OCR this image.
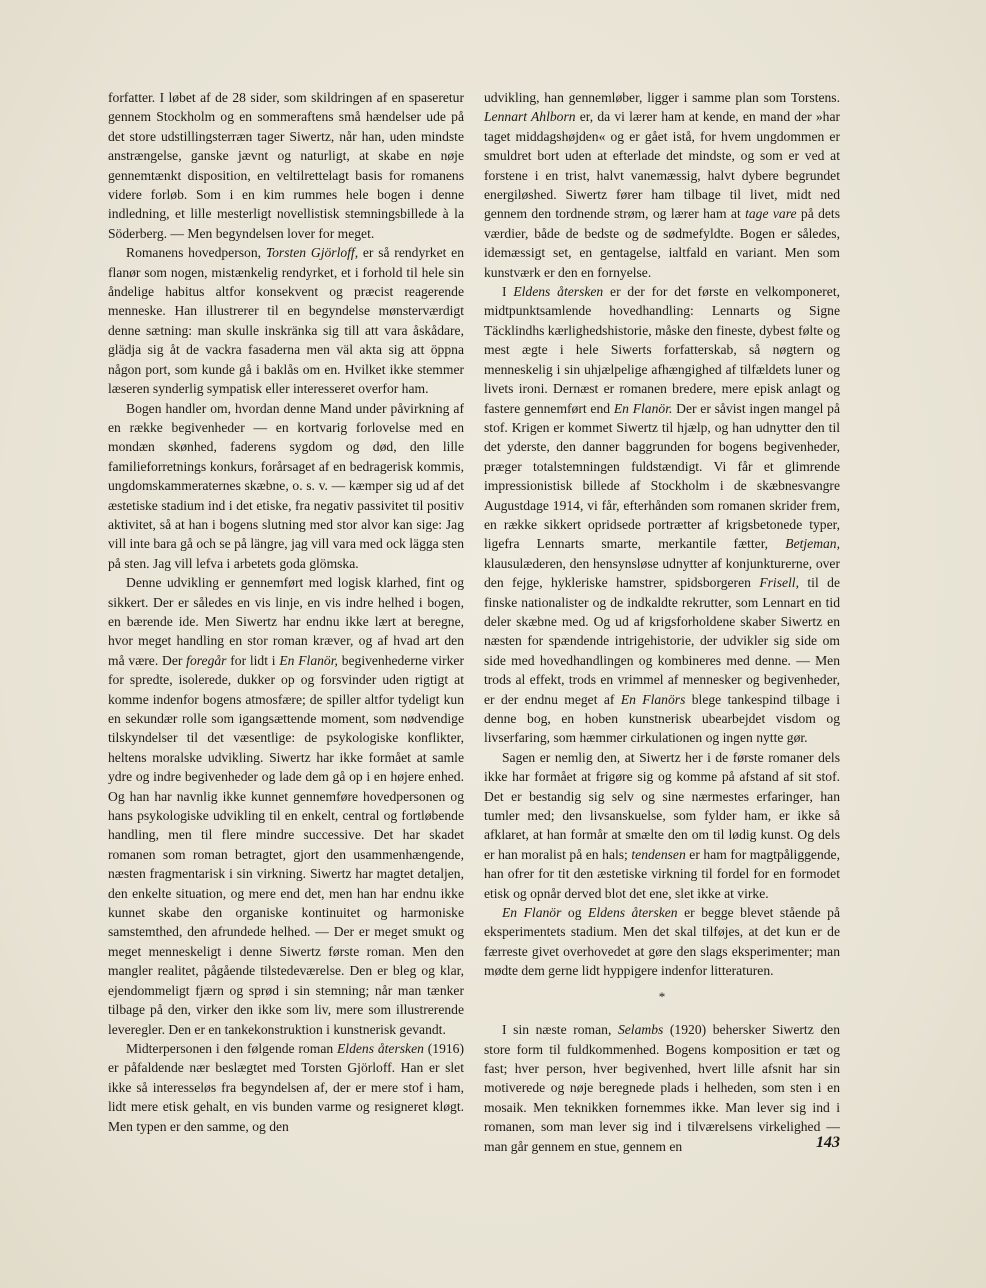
forfatter. I løbet af de 28 sider, som skildringen af en spaseretur gennem Stockholm og en sommeraftens små hændelser ude på det store udstillingsterræn tager Siwertz, når han, uden mindste anstrængelse, ganske jævnt og naturligt, at skabe en nøje gennemtænkt disposition, en veltilrettelagt basis for romanens videre forløb. Som i en kim rummes hele bogen i denne indledning, et lille mesterligt novellistisk stemningsbillede à la Söderberg. — Men begyndelsen lover for meget.

Romanens hovedperson, Torsten Gjörloff, er så rendyrket en flanør som nogen, mistænkelig rendyrket, et i forhold til hele sin åndelige habitus altfor konsekvent og præcist reagerende menneske. Han illustrerer til en begyndelse mønsterværdigt denne sætning: man skulle inskränka sig till att vara åskådare, glädja sig åt de vackra fasaderna men väl akta sig att öppna någon port, som kunde gå i baklås om en. Hvilket ikke stemmer læseren synderlig sympatisk eller interesseret overfor ham.

Bogen handler om, hvordan denne Mand under påvirkning af en række begivenheder — en kortvarig forlovelse med en mondæn skønhed, faderens sygdom og død, den lille familieforretnings konkurs, forårsaget af en bedragerisk kommis, ungdomskammeraternes skæbne, o. s. v. — kæmper sig ud af det æstetiske stadium ind i det etiske, fra negativ passivitet til positiv aktivitet, så at han i bogens slutning med stor alvor kan sige: Jag vill inte bara gå och se på längre, jag vill vara med ock lägga sten på sten. Jag vill lefva i arbetets goda glömska.

Denne udvikling er gennemført med logisk klarhed, fint og sikkert. Der er således en vis linje, en vis indre helhed i bogen, en bærende ide. Men Siwertz har endnu ikke lært at beregne, hvor meget handling en stor roman kræver, og af hvad art den må være. Der foregår for lidt i En Flanör, begivenhederne virker for spredte, isolerede, dukker op og forsvinder uden rigtigt at komme indenfor bogens atmosfære; de spiller altfor tydeligt kun en sekundær rolle som igangsættende moment, som nødvendige tilskyndelser til det væsentlige: de psykologiske konflikter, heltens moralske udvikling. Siwertz har ikke formået at samle ydre og indre begivenheder og lade dem gå op i en højere enhed. Og han har navnlig ikke kunnet gennemføre hovedpersonen og hans psykologiske udvikling til en enkelt, central og fortløbende handling, men til flere mindre successive. Det har skadet romanen som roman betragtet, gjort den usammenhængende, næsten fragmentarisk i sin virkning. Siwertz har magtet detaljen, den enkelte situation, og mere end det, men han har endnu ikke kunnet skabe den organiske kontinuitet og harmoniske samstemthed, den afrundede helhed. — Der er meget smukt og meget menneskeligt i denne Siwertz første roman. Men den mangler realitet, pågående tilstedeværelse. Den er bleg og klar, ejendommeligt fjærn og sprød i sin stemning; når man tænker tilbage på den, virker den ikke som liv, mere som illustrerende leveregler. Den er en tankekonstruktion i kunstnerisk gevandt.

Midterpersonen i den følgende roman Eldens återsken (1916) er påfaldende nær beslægtet med Torsten Gjörloff. Han er slet ikke så interesseløs fra begyndelsen af, der er mere stof i ham, lidt mere etisk gehalt, en vis bunden varme og resigneret kløgt. Men typen er den samme, og den

udvikling, han gennemløber, ligger i samme plan som Torstens. Lennart Ahlborn er, da vi lærer ham at kende, en mand der »har taget middagshøjden« og er gået istå, for hvem ungdommen er smuldret bort uden at efterlade det mindste, og som er ved at forstene i en trist, halvt vanemæssig, halvt dybere begrundet energiløshed. Siwertz fører ham tilbage til livet, midt ned gennem den tordnende strøm, og lærer ham at tage vare på dets værdier, både de bedste og de sødmefyldte. Bogen er således, idemæssigt set, en gentagelse, ialtfald en variant. Men som kunstværk er den en fornyelse.

I Eldens återsken er der for det første en velkomponeret, midtpunktsamlende hovedhandling: Lennarts og Signe Täcklindhs kærlighedshistorie, måske den fineste, dybest følte og mest ægte i hele Siwerts forfatterskab, så nøgtern og menneskelig i sin uhjælpelige afhængighed af tilfældets luner og livets ironi. Dernæst er romanen bredere, mere episk anlagt og fastere gennemført end En Flanör. Der er såvist ingen mangel på stof. Krigen er kommet Siwertz til hjælp, og han udnytter den til det yderste, den danner baggrunden for bogens begivenheder, præger totalstemningen fuldstændigt. Vi får et glimrende impressionistisk billede af Stockholm i de skæbnesvangre Augustdage 1914, vi får, efterhånden som romanen skrider frem, en række sikkert opridsede portrætter af krigsbetonede typer, ligefra Lennarts smarte, merkantile fætter, Betjeman, klausulæderen, den hensynsløse udnytter af konjunkturerne, over den fejge, hykleriske hamstrer, spidsborgeren Frisell, til de finske nationalister og de indkaldte rekrutter, som Lennart en tid deler skæbne med. Og ud af krigsforholdene skaber Siwertz en næsten for spændende intrigehistorie, der udvikler sig side om side med hovedhandlingen og kombineres med denne. — Men trods al effekt, trods en vrimmel af mennesker og begivenheder, er der endnu meget af En Flanörs blege tankespind tilbage i denne bog, en hoben kunstnerisk ubearbejdet visdom og livserfaring, som hæmmer cirkulationen og ingen nytte gør.

Sagen er nemlig den, at Siwertz her i de første romaner dels ikke har formået at frigøre sig og komme på afstand af sit stof. Det er bestandig sig selv og sine nærmestes erfaringer, han tumler med; den livsanskuelse, som fylder ham, er ikke så afklaret, at han formår at smælte den om til lødig kunst. Og dels er han moralist på en hals; tendensen er ham for magtpåliggende, han ofrer for tit den æstetiske virkning til fordel for en formodet etisk og opnår derved blot det ene, slet ikke at virke.

En Flanör og Eldens återsken er begge blevet stående på eksperimentets stadium. Men det skal tilføjes, at det kun er de færreste givet overhovedet at gøre den slags eksperimenter; man mødte dem gerne lidt hyppigere indenfor litteraturen.

*

I sin næste roman, Selambs (1920) behersker Siwertz den store form til fuldkommenhed. Bogens komposition er tæt og fast; hver person, hver begivenhed, hvert lille afsnit har sin motiverede og nøje beregnede plads i helheden, som sten i en mosaik. Men teknikken fornemmes ikke. Man lever sig ind i romanen, som man lever sig ind i tilværelsens virkelighed — man går gennem en stue, gennem en	143
